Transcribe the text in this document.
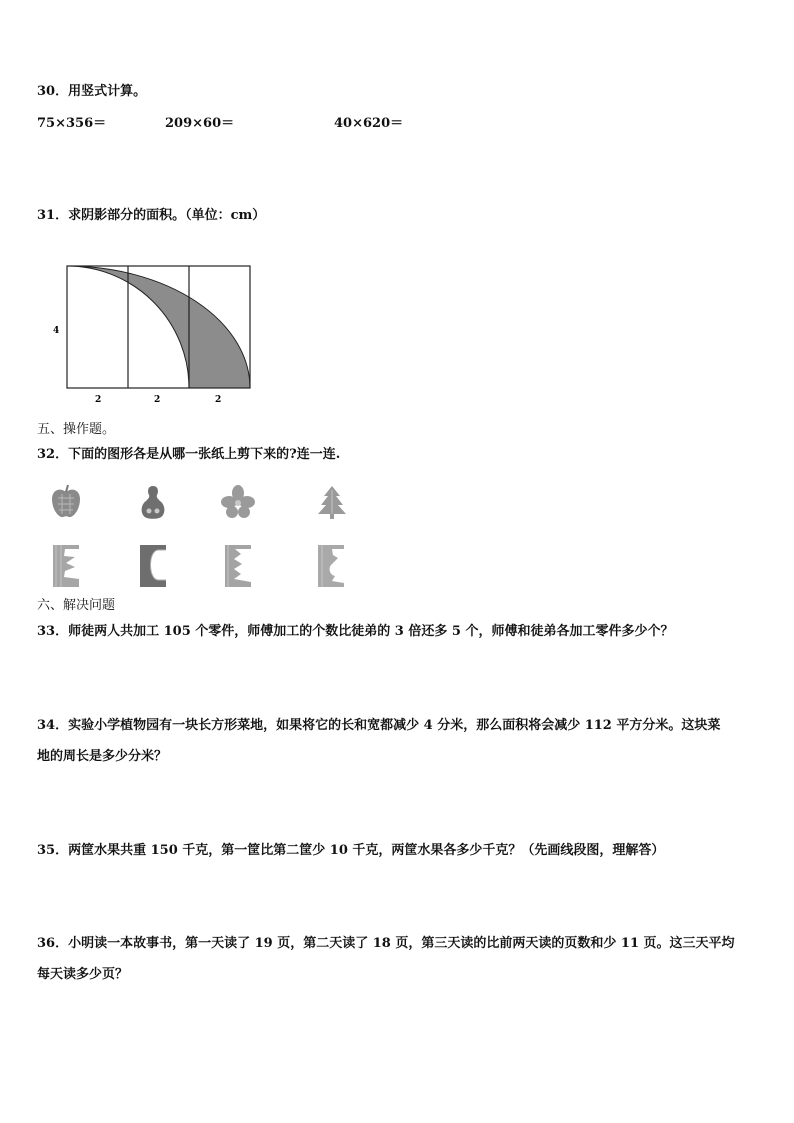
30．用竖式计算。
75×356＝	209×60＝	40×620＝
31．求阴影部分的面积。（单位：cm）
4
2	2	2
五、操作题。
32．下面的图形各是从哪一张纸上剪下来的?连一连.
六、解决问题
33．师徒两人共加工 105 个零件，师傅加工的个数比徒弟的 3 倍还多 5 个，师傅和徒弟各加工零件多少个？
34．实验小学植物园有一块长方形菜地，如果将它的长和宽都减少 4 分米，那么面积将会减少 112 平方分米。这块菜
地的周长是多少分米？
35．两筐水果共重 150 千克，第一筐比第二筐少 10 千克，两筐水果各多少千克？（先画线段图，理解答）
36．小明读一本故事书，第一天读了 19 页，第二天读了 18 页，第三天读的比前两天读的页数和少 11 页。这三天平均
每天读多少页？
